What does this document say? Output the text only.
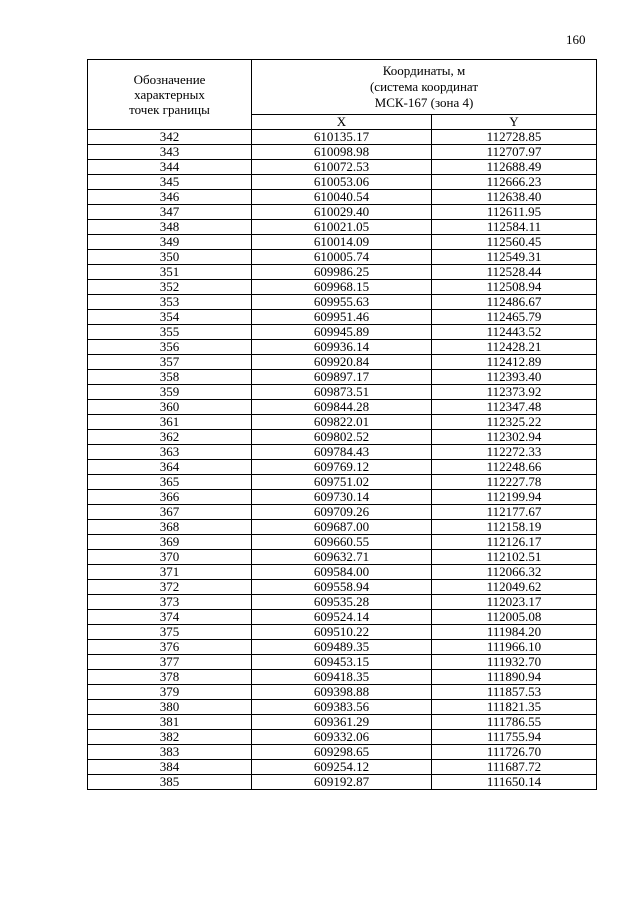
160
Обозначение
характерных
точек границы	Координаты, м
(система координат
МСК-167 (зона 4)	

	X	Y
342	610135.17	112728.85
343	610098.98	112707.97
344	610072.53	112688.49
345	610053.06	112666.23
346	610040.54	112638.40
347	610029.40	112611.95
348	610021.05	112584.11
349	610014.09	112560.45
350	610005.74	112549.31
351	609986.25	112528.44
352	609968.15	112508.94
353	609955.63	112486.67
354	609951.46	112465.79
355	609945.89	112443.52
356	609936.14	112428.21
357	609920.84	112412.89
358	609897.17	112393.40
359	609873.51	112373.92
360	609844.28	112347.48
361	609822.01	112325.22
362	609802.52	112302.94
363	609784.43	112272.33
364	609769.12	112248.66
365	609751.02	112227.78
366	609730.14	112199.94
367	609709.26	112177.67
368	609687.00	112158.19
369	609660.55	112126.17
370	609632.71	112102.51
371	609584.00	112066.32
372	609558.94	112049.62
373	609535.28	112023.17
374	609524.14	112005.08
375	609510.22	111984.20
376	609489.35	111966.10
377	609453.15	111932.70
378	609418.35	111890.94
379	609398.88	111857.53
380	609383.56	111821.35
381	609361.29	111786.55
382	609332.06	111755.94
383	609298.65	111726.70
384	609254.12	111687.72
385	609192.87	111650.14
